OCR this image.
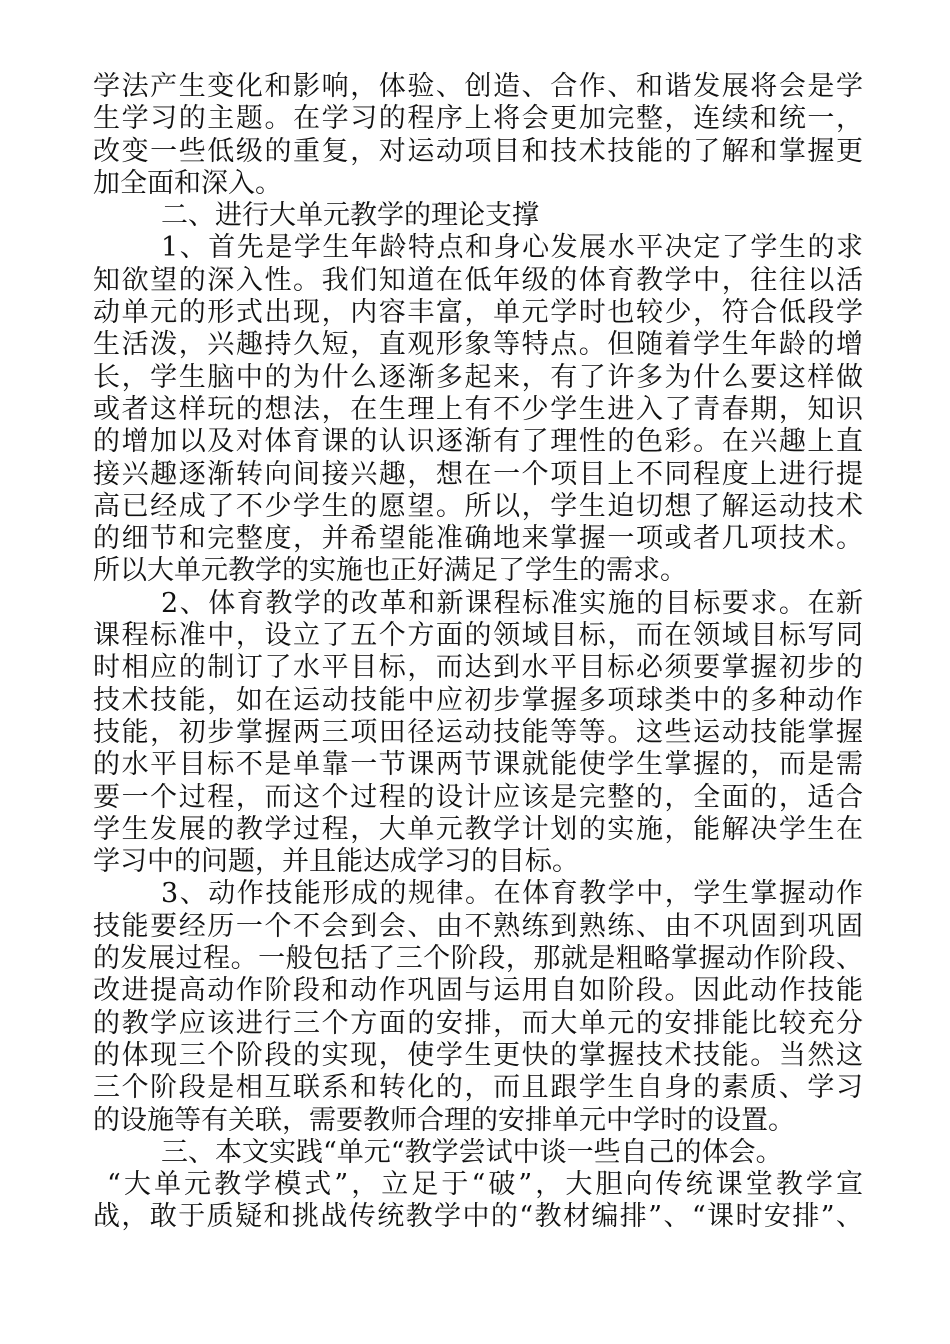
学法产生变化和影响，体验、创造、合作、和谐发展将会是学
生学习的主题。在学习的程序上将会更加完整，连续和统一，
改变一些低级的重复，对运动项目和技术技能的了解和掌握更
加全面和深入。
二、进行大单元教学的理论支撑
1、首先是学生年龄特点和身心发展水平决定了学生的求
知欲望的深入性。我们知道在低年级的体育教学中，往往以活
动单元的形式出现，内容丰富，单元学时也较少，符合低段学
生活泼，兴趣持久短，直观形象等特点。但随着学生年龄的增
长，学生脑中的为什么逐渐多起来，有了许多为什么要这样做
或者这样玩的想法，在生理上有不少学生进入了青春期，知识
的增加以及对体育课的认识逐渐有了理性的色彩。在兴趣上直
接兴趣逐渐转向间接兴趣，想在一个项目上不同程度上进行提
高已经成了不少学生的愿望。所以，学生迫切想了解运动技术
的细节和完整度，并希望能准确地来掌握一项或者几项技术。
所以大单元教学的实施也正好满足了学生的需求。
2、体育教学的改革和新课程标准实施的目标要求。在新
课程标准中，设立了五个方面的领域目标，而在领域目标写同
时相应的制订了水平目标，而达到水平目标必须要掌握初步的
技术技能，如在运动技能中应初步掌握多项球类中的多种动作
技能，初步掌握两三项田径运动技能等等。这些运动技能掌握
的水平目标不是单靠一节课两节课就能使学生掌握的，而是需
要一个过程，而这个过程的设计应该是完整的，全面的，适合
学生发展的教学过程，大单元教学计划的实施，能解决学生在
学习中的问题，并且能达成学习的目标。
3、动作技能形成的规律。在体育教学中，学生掌握动作
技能要经历一个不会到会、由不熟练到熟练、由不巩固到巩固
的发展过程。一般包括了三个阶段，那就是粗略掌握动作阶段、
改进提高动作阶段和动作巩固与运用自如阶段。因此动作技能
的教学应该进行三个方面的安排，而大单元的安排能比较充分
的体现三个阶段的实现，使学生更快的掌握技术技能。当然这
三个阶段是相互联系和转化的，而且跟学生自身的素质、学习
的设施等有关联，需要教师合理的安排单元中学时的设置。
三、本文实践“单元“教学尝试中谈一些自己的体会。
“大单元教学模式”，立足于“破”，大胆向传统课堂教学宣
战，敢于质疑和挑战传统教学中的“教材编排”、“课时安排”、
